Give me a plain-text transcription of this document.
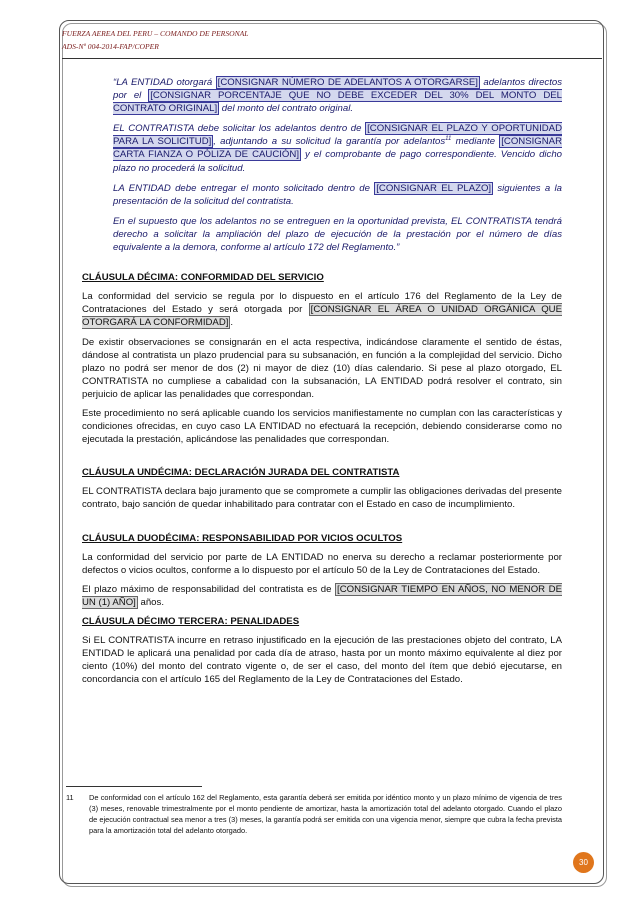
FUERZA AEREA DEL PERU – COMANDO DE PERSONAL
ADS-Nº 004-2014-FAP/COPER

“LA ENTIDAD otorgará [CONSIGNAR NÚMERO DE ADELANTOS A OTORGARSE] adelantos directos por el [CONSIGNAR PORCENTAJE QUE NO DEBE EXCEDER DEL 30% DEL MONTO DEL CONTRATO ORIGINAL] del monto del contrato original.

EL CONTRATISTA debe solicitar los adelantos dentro de [CONSIGNAR EL PLAZO Y OPORTUNIDAD PARA LA SOLICITUD] , adjuntando a su solicitud la garantía por adelantos$^{11}$ mediante [CONSIGNAR CARTA FIANZA O PÓLIZA DE CAUCIÓN] y el comprobante de pago correspondiente. Vencido dicho plazo no procederá la solicitud.

LA ENTIDAD debe entregar el monto solicitado dentro de [CONSIGNAR EL PLAZO] siguientes a la presentación de la solicitud del contratista.

En el supuesto que los adelantos no se entreguen en la oportunidad prevista, EL CONTRATISTA tendrá derecho a solicitar la ampliación del plazo de ejecución de la prestación por el número de días equivalente a la demora, conforme al artículo 172 del Reglamento.”

CLÁUSULA DÉCIMA: CONFORMIDAD DEL SERVICIO

La conformidad del servicio se regula por lo dispuesto en el artículo 176 del Reglamento de la Ley de Contrataciones del Estado y será otorgada por [CONSIGNAR EL ÁREA O UNIDAD ORGÁNICA QUE OTORGARÁ LA CONFORMIDAD] .

De existir observaciones se consignarán en el acta respectiva, indicándose claramente el sentido de éstas, dándose al contratista un plazo prudencial para su subsanación, en función a la complejidad del servicio. Dicho plazo no podrá ser menor de dos (2) ni mayor de diez (10) días calendario. Si pese al plazo otorgado, EL CONTRATISTA no cumpliese a cabalidad con la subsanación, LA ENTIDAD podrá resolver el contrato, sin perjuicio de aplicar las penalidades que correspondan.

Este procedimiento no será aplicable cuando los servicios manifiestamente no cumplan con las características y condiciones ofrecidas, en cuyo caso LA ENTIDAD no efectuará la recepción, debiendo considerarse como no ejecutada la prestación, aplicándose las penalidades que correspondan.

CLÁUSULA UNDÉCIMA: DECLARACIÓN JURADA DEL CONTRATISTA

EL CONTRATISTA declara bajo juramento que se compromete a cumplir las obligaciones derivadas del presente contrato, bajo sanción de quedar inhabilitado para contratar con el Estado en caso de incumplimiento.

CLÁUSULA DUODÉCIMA: RESPONSABILIDAD POR VICIOS OCULTOS

La conformidad del servicio por parte de LA ENTIDAD no enerva su derecho a reclamar posteriormente por defectos o vicios ocultos, conforme a lo dispuesto por el artículo 50 de la Ley de Contrataciones del Estado.

El plazo máximo de responsabilidad del contratista es de [CONSIGNAR TIEMPO EN AÑOS, NO MENOR DE UN (1) AÑO] años.

CLÁUSULA DÉCIMO TERCERA: PENALIDADES

Si EL CONTRATISTA incurre en retraso injustificado en la ejecución de las prestaciones objeto del contrato, LA ENTIDAD le aplicará una penalidad por cada día de atraso, hasta por un monto máximo equivalente al diez por ciento (10%) del monto del contrato vigente o, de ser el caso, del monto del ítem que debió ejecutarse, en concordancia con el artículo 165 del Reglamento de la Ley de Contrataciones del Estado.

11 De conformidad con el artículo 162 del Reglamento, esta garantía deberá ser emitida por idéntico monto y un plazo mínimo de vigencia de tres (3) meses, renovable trimestralmente por el monto pendiente de amortizar, hasta la amortización total del adelanto otorgado. Cuando el plazo de ejecución contractual sea menor a tres (3) meses, la garantía podrá ser emitida con una vigencia menor, siempre que cubra la fecha prevista para la amortización total del adelanto otorgado.
30
